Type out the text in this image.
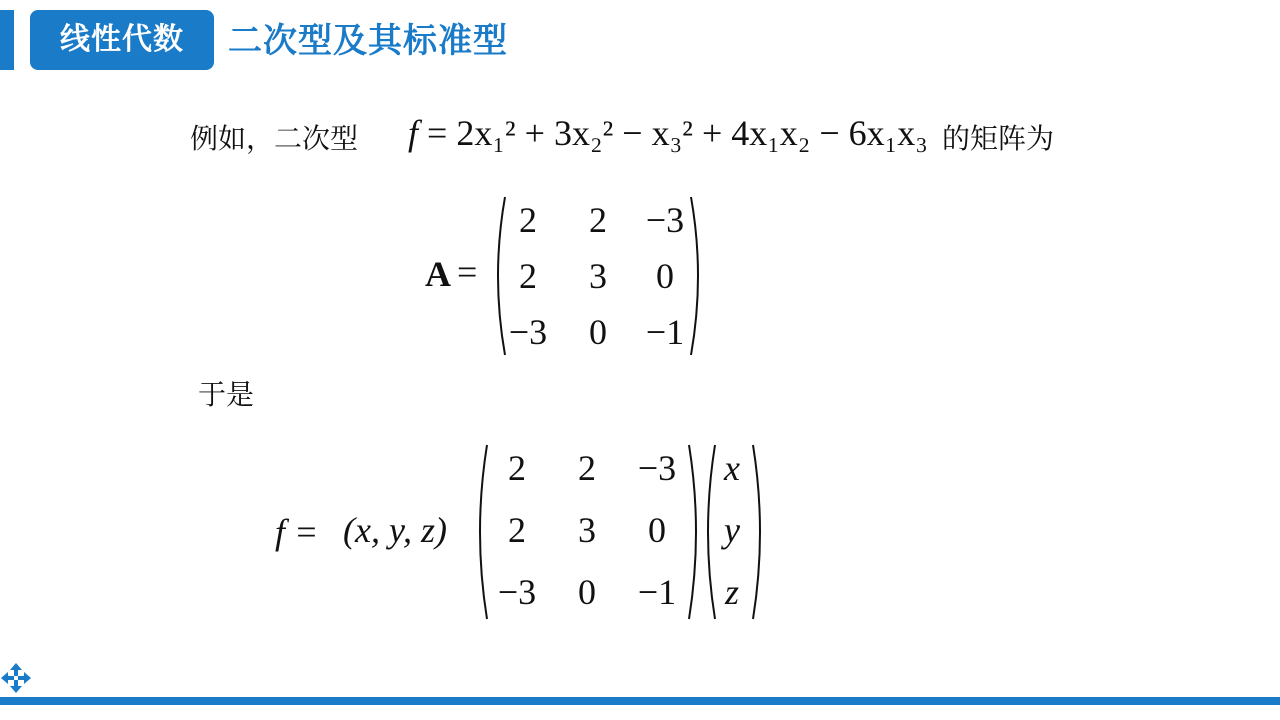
线性代数	二次型及其标准型
例如，二次型	的矩阵为
f = 2x₁² + 3x₂² − x₃² + 4x₁x₂ − 6x₁x₃
A =
2	2	−3
2	3	0
−3	0	−1
于是
f = (x, y, z)
2	2	−3
2	3	0
−3	0	−1
x
y
z
